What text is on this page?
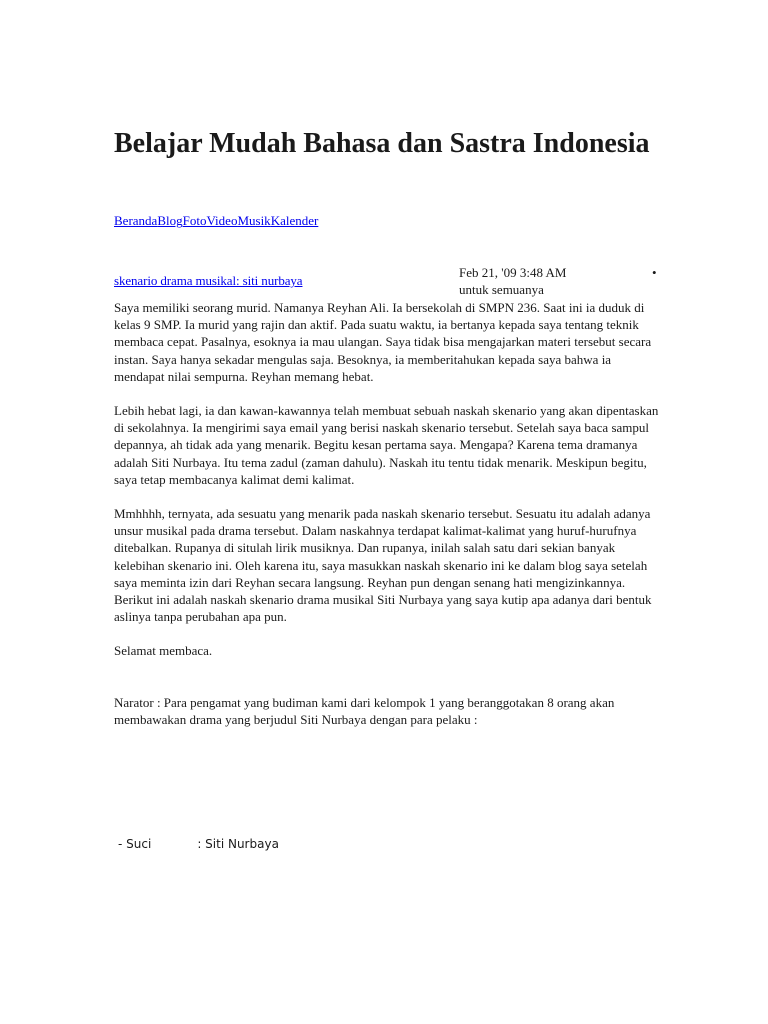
Belajar Mudah Bahasa dan Sastra Indonesia
BerandaBlogFotoVideoMusikKalender
skenario drama musikal: siti nurbaya
Feb 21, '09 3:48 AM
untuk semuanya
•

Saya memiliki seorang murid. Namanya Reyhan Ali. Ia bersekolah di SMPN 236. Saat ini ia duduk di kelas 9 SMP. Ia murid yang rajin dan aktif. Pada suatu waktu, ia bertanya kepada saya tentang teknik membaca cepat. Pasalnya, esoknya ia mau ulangan. Saya tidak bisa mengajarkan materi tersebut secara instan. Saya hanya sekadar mengulas saja. Besoknya, ia memberitahukan kepada saya bahwa ia mendapat nilai sempurna. Reyhan memang hebat.

Lebih hebat lagi, ia dan kawan-kawannya telah membuat sebuah naskah skenario yang akan dipentaskan di sekolahnya. Ia mengirimi saya email yang berisi naskah skenario tersebut. Setelah saya baca sampul depannya, ah tidak ada yang menarik. Begitu kesan pertama saya. Mengapa? Karena tema dramanya adalah Siti Nurbaya. Itu tema zadul (zaman dahulu). Naskah itu tentu tidak menarik. Meskipun begitu, saya tetap membacanya kalimat demi kalimat.

Mmhhhh, ternyata, ada sesuatu yang menarik pada naskah skenario tersebut. Sesuatu itu adalah adanya unsur musikal pada drama tersebut. Dalam naskahnya terdapat kalimat-kalimat yang huruf-hurufnya ditebalkan. Rupanya di situlah lirik musiknya. Dan rupanya, inilah salah satu dari sekian banyak kelebihan skenario ini. Oleh karena itu, saya masukkan naskah skenario ini ke dalam blog saya setelah saya meminta izin dari Reyhan secara langsung. Reyhan pun dengan senang hati mengizinkannya. Berikut ini adalah naskah skenario drama musikal Siti Nurbaya yang saya kutip apa adanya dari bentuk aslinya tanpa perubahan apa pun.

Selamat membaca.

Narator : Para pengamat yang budiman kami dari kelompok 1 yang beranggotakan 8 orang akan membawakan drama yang berjudul Siti Nurbaya dengan para pelaku :

- Suci	: Siti Nurbaya
